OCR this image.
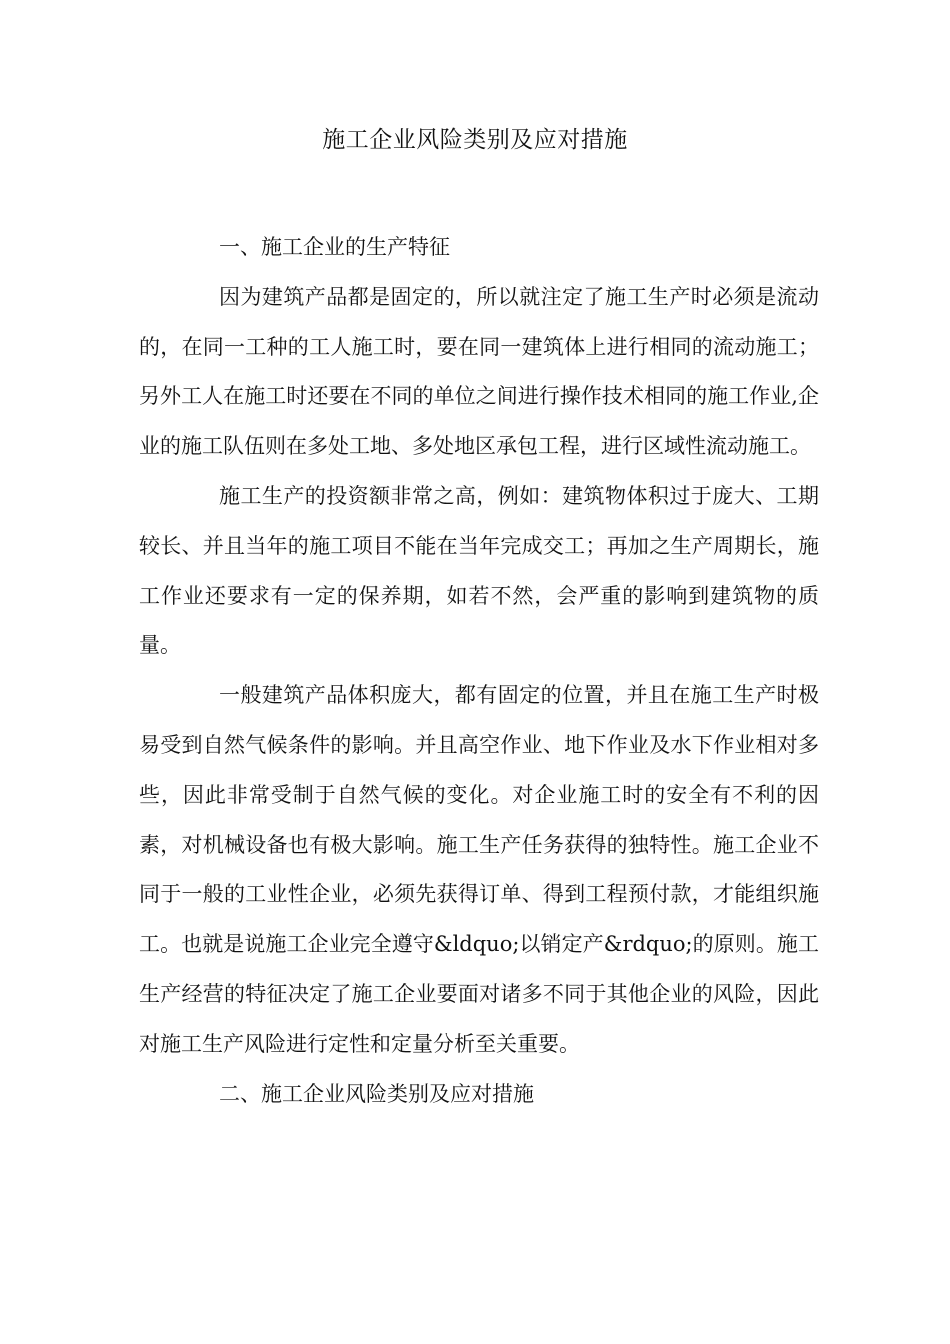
施工企业风险类别及应对措施

一、施工企业的生产特征

因为建筑产品都是固定的，所以就注定了施工生产时必须是流动的，在同一工种的工人施工时，要在同一建筑体上进行相同的流动施工；另外工人在施工时还要在不同的单位之间进行操作技术相同的施工作业,企业的施工队伍则在多处工地、多处地区承包工程，进行区域性流动施工。

施工生产的投资额非常之高，例如：建筑物体积过于庞大、工期较长、并且当年的施工项目不能在当年完成交工；再加之生产周期长，施工作业还要求有一定的保养期，如若不然，会严重的影响到建筑物的质量。

一般建筑产品体积庞大，都有固定的位置，并且在施工生产时极易受到自然气候条件的影响。并且高空作业、地下作业及水下作业相对多些，因此非常受制于自然气候的变化。对企业施工时的安全有不利的因素，对机械设备也有极大影响。施工生产任务获得的独特性。施工企业不同于一般的工业性企业，必须先获得订单、得到工程预付款，才能组织施工。也就是说施工企业完全遵守&ldquo;以销定产&rdquo;的原则。施工生产经营的特征决定了施工企业要面对诸多不同于其他企业的风险，因此对施工生产风险进行定性和定量分析至关重要。

二、施工企业风险类别及应对措施
